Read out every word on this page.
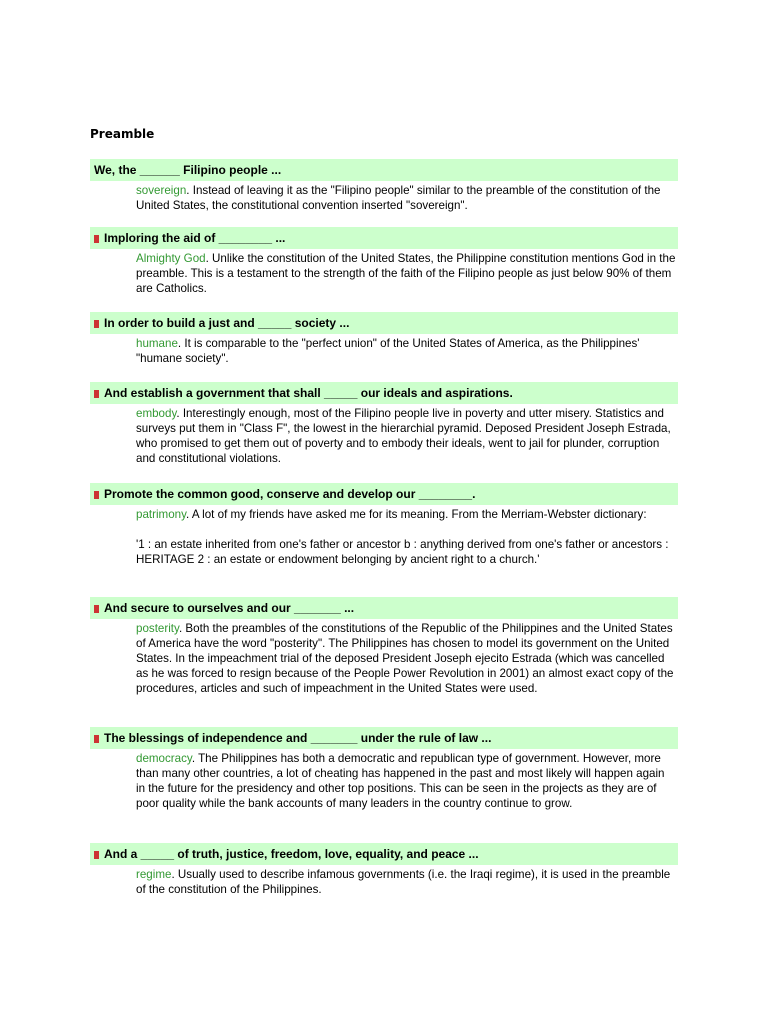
Preamble
We, the ______ Filipino people ...
sovereign. Instead of leaving it as the "Filipino people" similar to the preamble of the constitution of the United States, the constitutional convention inserted "sovereign".
Imploring the aid of ________ ...
Almighty God. Unlike the constitution of the United States, the Philippine constitution mentions God in the preamble. This is a testament to the strength of the faith of the Filipino people as just below 90% of them are Catholics.
In order to build a just and _____ society ...
humane. It is comparable to the "perfect union" of the United States of America, as the Philippines' "humane society".
And establish a government that shall _____ our ideals and aspirations.
embody. Interestingly enough, most of the Filipino people live in poverty and utter misery. Statistics and surveys put them in "Class F", the lowest in the hierarchial pyramid. Deposed President Joseph Estrada, who promised to get them out of poverty and to embody their ideals, went to jail for plunder, corruption and constitutional violations.
Promote the common good, conserve and develop our ________.
patrimony. A lot of my friends have asked me for its meaning. From the Merriam-Webster dictionary:
'1 : an estate inherited from one's father or ancestor b : anything derived from one's father or ancestors : HERITAGE 2 : an estate or endowment belonging by ancient right to a church.'
And secure to ourselves and our _______ ...
posterity. Both the preambles of the constitutions of the Republic of the Philippines and the United States of America have the word "posterity". The Philippines has chosen to model its government on the United States. In the impeachment trial of the deposed President Joseph ejecito Estrada (which was cancelled as he was forced to resign because of the People Power Revolution in 2001) an almost exact copy of the procedures, articles and such of impeachment in the United States were used.
The blessings of independence and _______ under the rule of law ...
democracy. The Philippines has both a democratic and republican type of government. However, more than many other countries, a lot of cheating has happened in the past and most likely will happen again in the future for the presidency and other top positions. This can be seen in the projects as they are of poor quality while the bank accounts of many leaders in the country continue to grow.
And a _____ of truth, justice, freedom, love, equality, and peace ...
regime. Usually used to describe infamous governments (i.e. the Iraqi regime), it is used in the preamble of the constitution of the Philippines.
